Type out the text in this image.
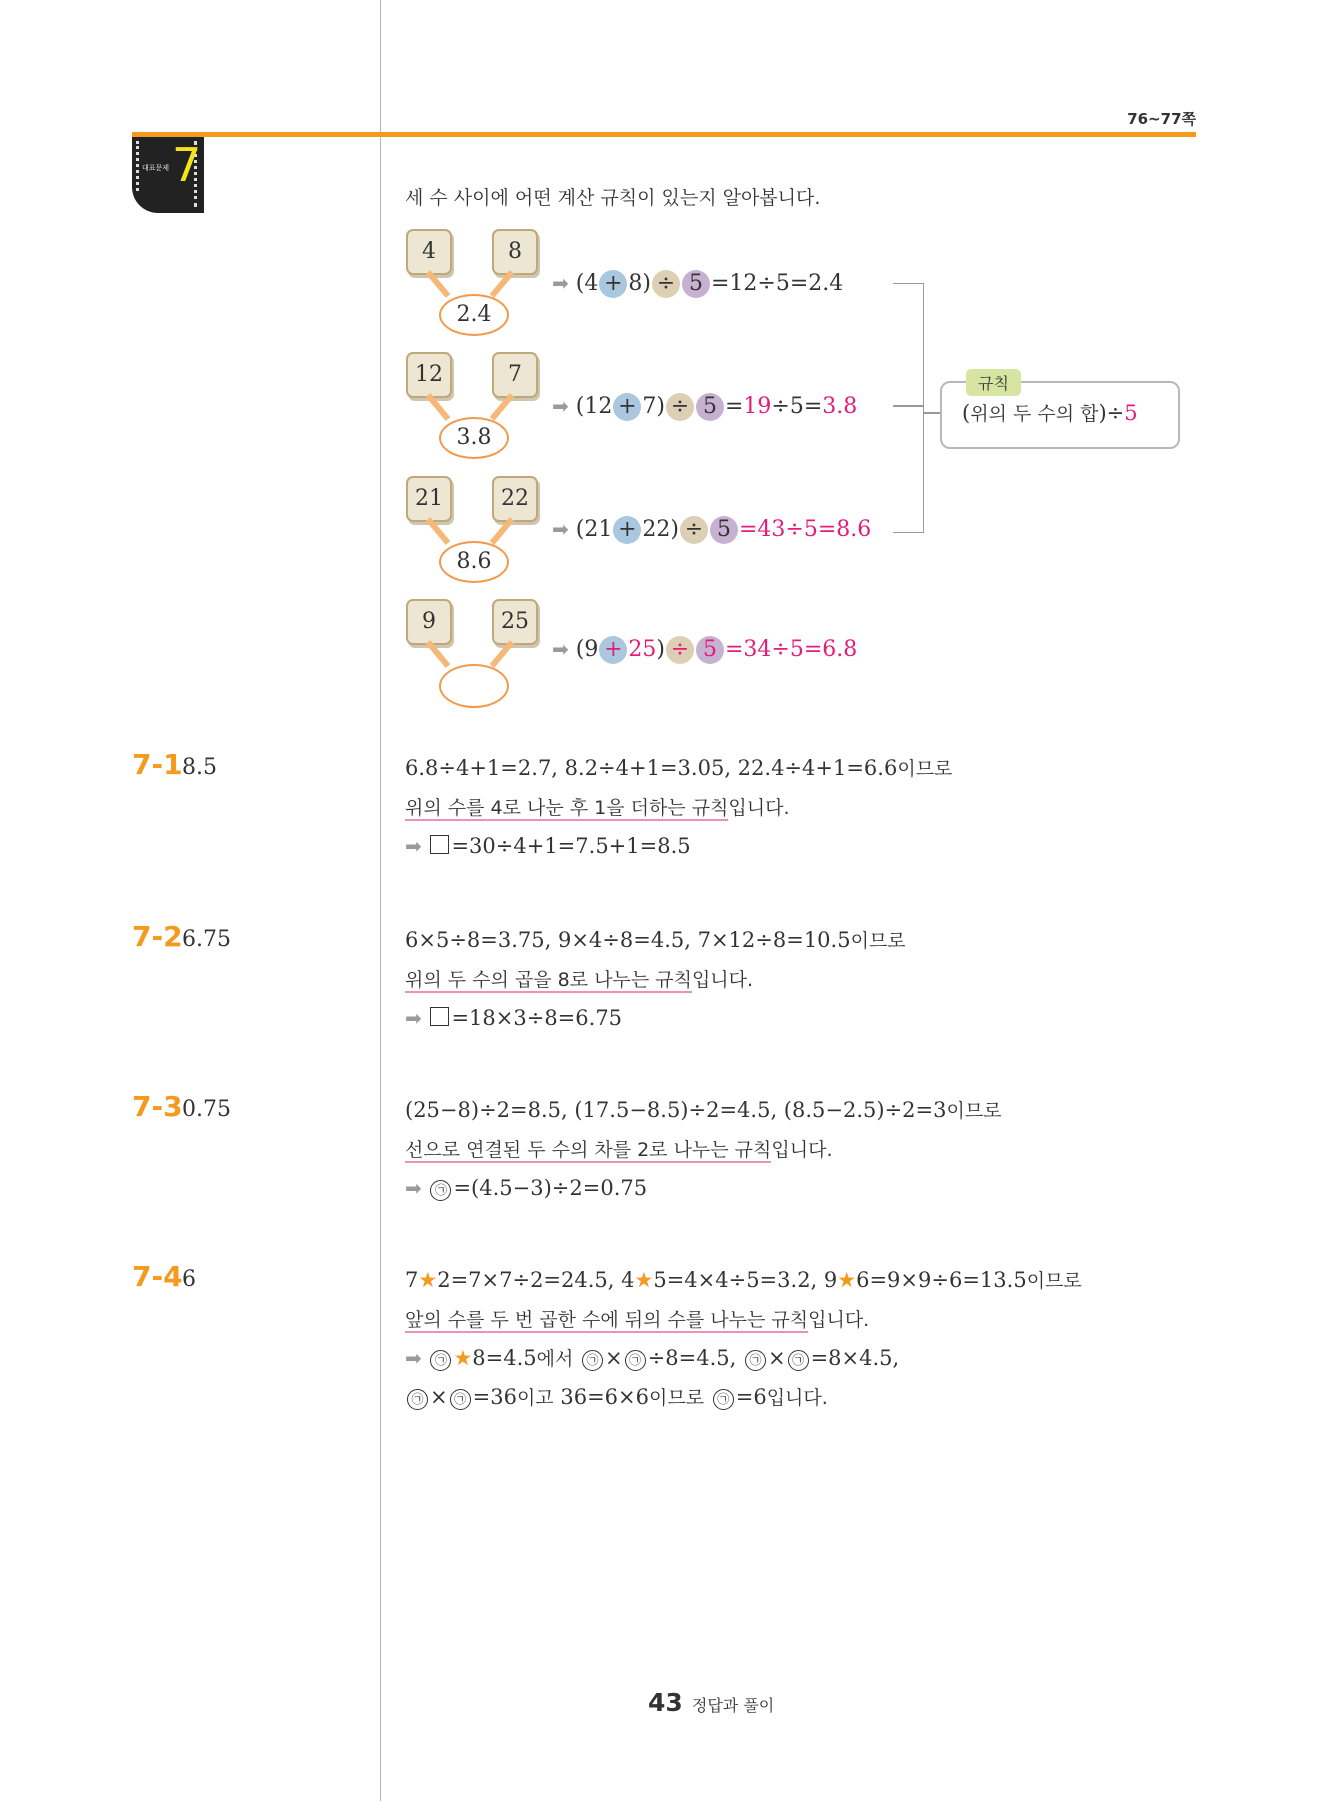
76~77쪽
대표문제 7
세 수 사이에 어떤 계산 규칙이 있는지 알아봅니다.
4	8
2.4
12	7
3.8
21	22
8.6
9	25
➡ (4 + 8) ÷ 5 =12÷5=2.4
➡ (12 + 7) ÷ 5 =19÷5=3.8
➡ (21 + 22) ÷ 5 =43÷5=8.6
➡ (9 + 25) ÷ 5 =34÷5=6.8
규칙
(위의 두 수의 합)÷5
7-1 8.5	6.8÷4+1=2.7, 8.2÷4+1=3.05, 22.4÷4+1=6.6이므로
위의 수를 4로 나눈 후 1을 더하는 규칙입니다.
➡ =30÷4+1=7.5+1=8.5
7-2 6.75	6×5÷8=3.75, 9×4÷8=4.5, 7×12÷8=10.5이므로
위의 두 수의 곱을 8로 나누는 규칙입니다.
➡ =18×3÷8=6.75
7-3 0.75	(25−8)÷2=8.5, (17.5−8.5)÷2=4.5, (8.5−2.5)÷2=3이므로
선으로 연결된 두 수의 차를 2로 나누는 규칙입니다.
➡ ㉠ =(4.5−3)÷2=0.75
7-4 6	7★2=7×7÷2=24.5, 4★5=4×4÷5=3.2, 9★6=9×9÷6=13.5이므로
앞의 수를 두 번 곱한 수에 뒤의 수를 나누는 규칙입니다.
➡ ㉠ ★8=4.5에서 ㉠ × ㉠ ÷8=4.5, ㉠ × ㉠ =8×4.5,
㉠ × ㉠ =36이고 36=6×6이므로 ㉠ =6입니다.
43 정답과 풀이
